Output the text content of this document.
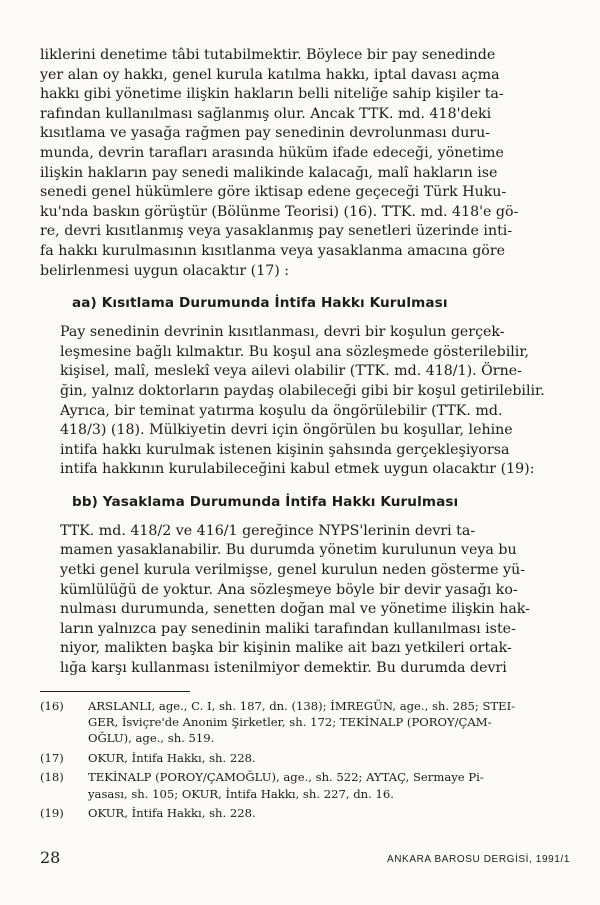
liklerini denetime tâbi tutabilmektir. Böylece bir pay senedinde
yer alan oy hakkı, genel kurula katılma hakkı, iptal davası açma
hakkı gibi yönetime ilişkin hakların belli niteliğe sahip kişiler ta-
rafından kullanılması sağlanmış olur. Ancak TTK. md. 418'deki
kısıtlama ve yasağa rağmen pay senedinin devrolunması duru-
munda, devrin tarafları arasında hüküm ifade edeceği, yönetime
ilişkin hakların pay senedi malikinde kalacağı, malî hakların ise
senedi genel hükümlere göre iktisap edene geçeceği Türk Huku-
ku'nda baskın görüştür (Bölünme Teorisi) (16). TTK. md. 418'e gö-
re, devri kısıtlanmış veya yasaklanmış pay senetleri üzerinde inti-
fa hakkı kurulmasının kısıtlanma veya yasaklanma amacına göre
belirlenmesi uygun olacaktır (17) :

aa) Kısıtlama Durumunda İntifa Hakkı Kurulması

Pay senedinin devrinin kısıtlanması, devri bir koşulun gerçek-
leşmesine bağlı kılmaktır. Bu koşul ana sözleşmede gösterilebilir,
kişisel, malî, meslekî veya ailevi olabilir (TTK. md. 418/1). Örne-
ğin, yalnız doktorların paydaş olabileceği gibi bir koşul getirilebilir.
Ayrıca, bir teminat yatırma koşulu da öngörülebilir (TTK. md.
418/3) (18). Mülkiyetin devri için öngörülen bu koşullar, lehine
intifa hakkı kurulmak istenen kişinin şahsında gerçekleşiyorsa
intifa hakkının kurulabileceğini kabul etmek uygun olacaktır (19):

bb) Yasaklama Durumunda İntifa Hakkı Kurulması

TTK. md. 418/2 ve 416/1 gereğince NYPS'lerinin devri ta-
mamen yasaklanabilir. Bu durumda yönetim kurulunun veya bu
yetki genel kurula verilmişse, genel kurulun neden gösterme yü-
kümlülüğü de yoktur. Ana sözleşmeye böyle bir devir yasağı ko-
nulması durumunda, senetten doğan mal ve yönetime ilişkin hak-
ların yalnızca pay senedinin maliki tarafından kullanılması iste-
niyor, malikten başka bir kişinin malike ait bazı yetkileri ortak-
lığa karşı kullanması istenilmiyor demektir. Bu durumda devri

(16) ARSLANLI, age., C. I, sh. 187, dn. (138); İMREGÜN, age., sh. 285; STEI-
GER, İsviçre'de Anonim Şirketler, sh. 172; TEKİNALP (POROY/ÇAM-
OĞLU), age., sh. 519.
(17) OKUR, İntifa Hakkı, sh. 228.
(18) TEKİNALP (POROY/ÇAMOĞLU), age., sh. 522; AYTAÇ, Sermaye Pi-
yasası, sh. 105; OKUR, İntifa Hakkı, sh. 227, dn. 16.
(19) OKUR, İntifa Hakkı, sh. 228.
28	ANKARA BAROSU DERGİSİ, 1991/1
